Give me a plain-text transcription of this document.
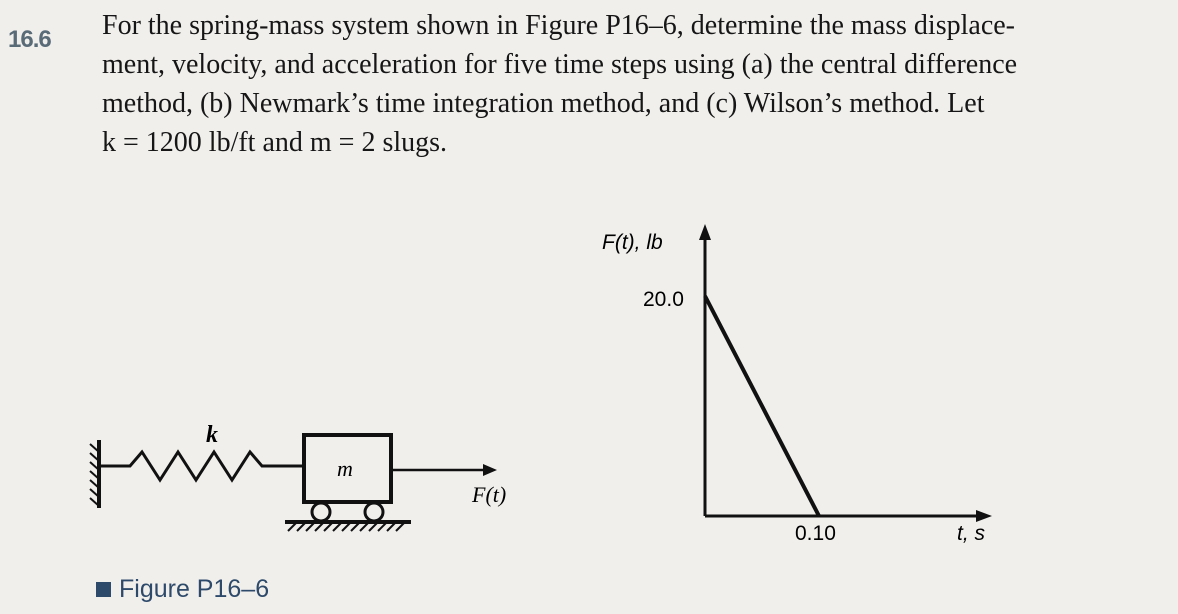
16.6 For the spring-mass system shown in Figure P16–6, determine the mass displace-
ment, velocity, and acceleration for five time steps using (a) the central difference
method, (b) Newmark’s time integration method, and (c) Wilson’s method. Let
k = 1200 lb/ft and m = 2 slugs.
k
m
F(t)
F(t), lb
t, s
20.0
0.10
Figure P16–6
